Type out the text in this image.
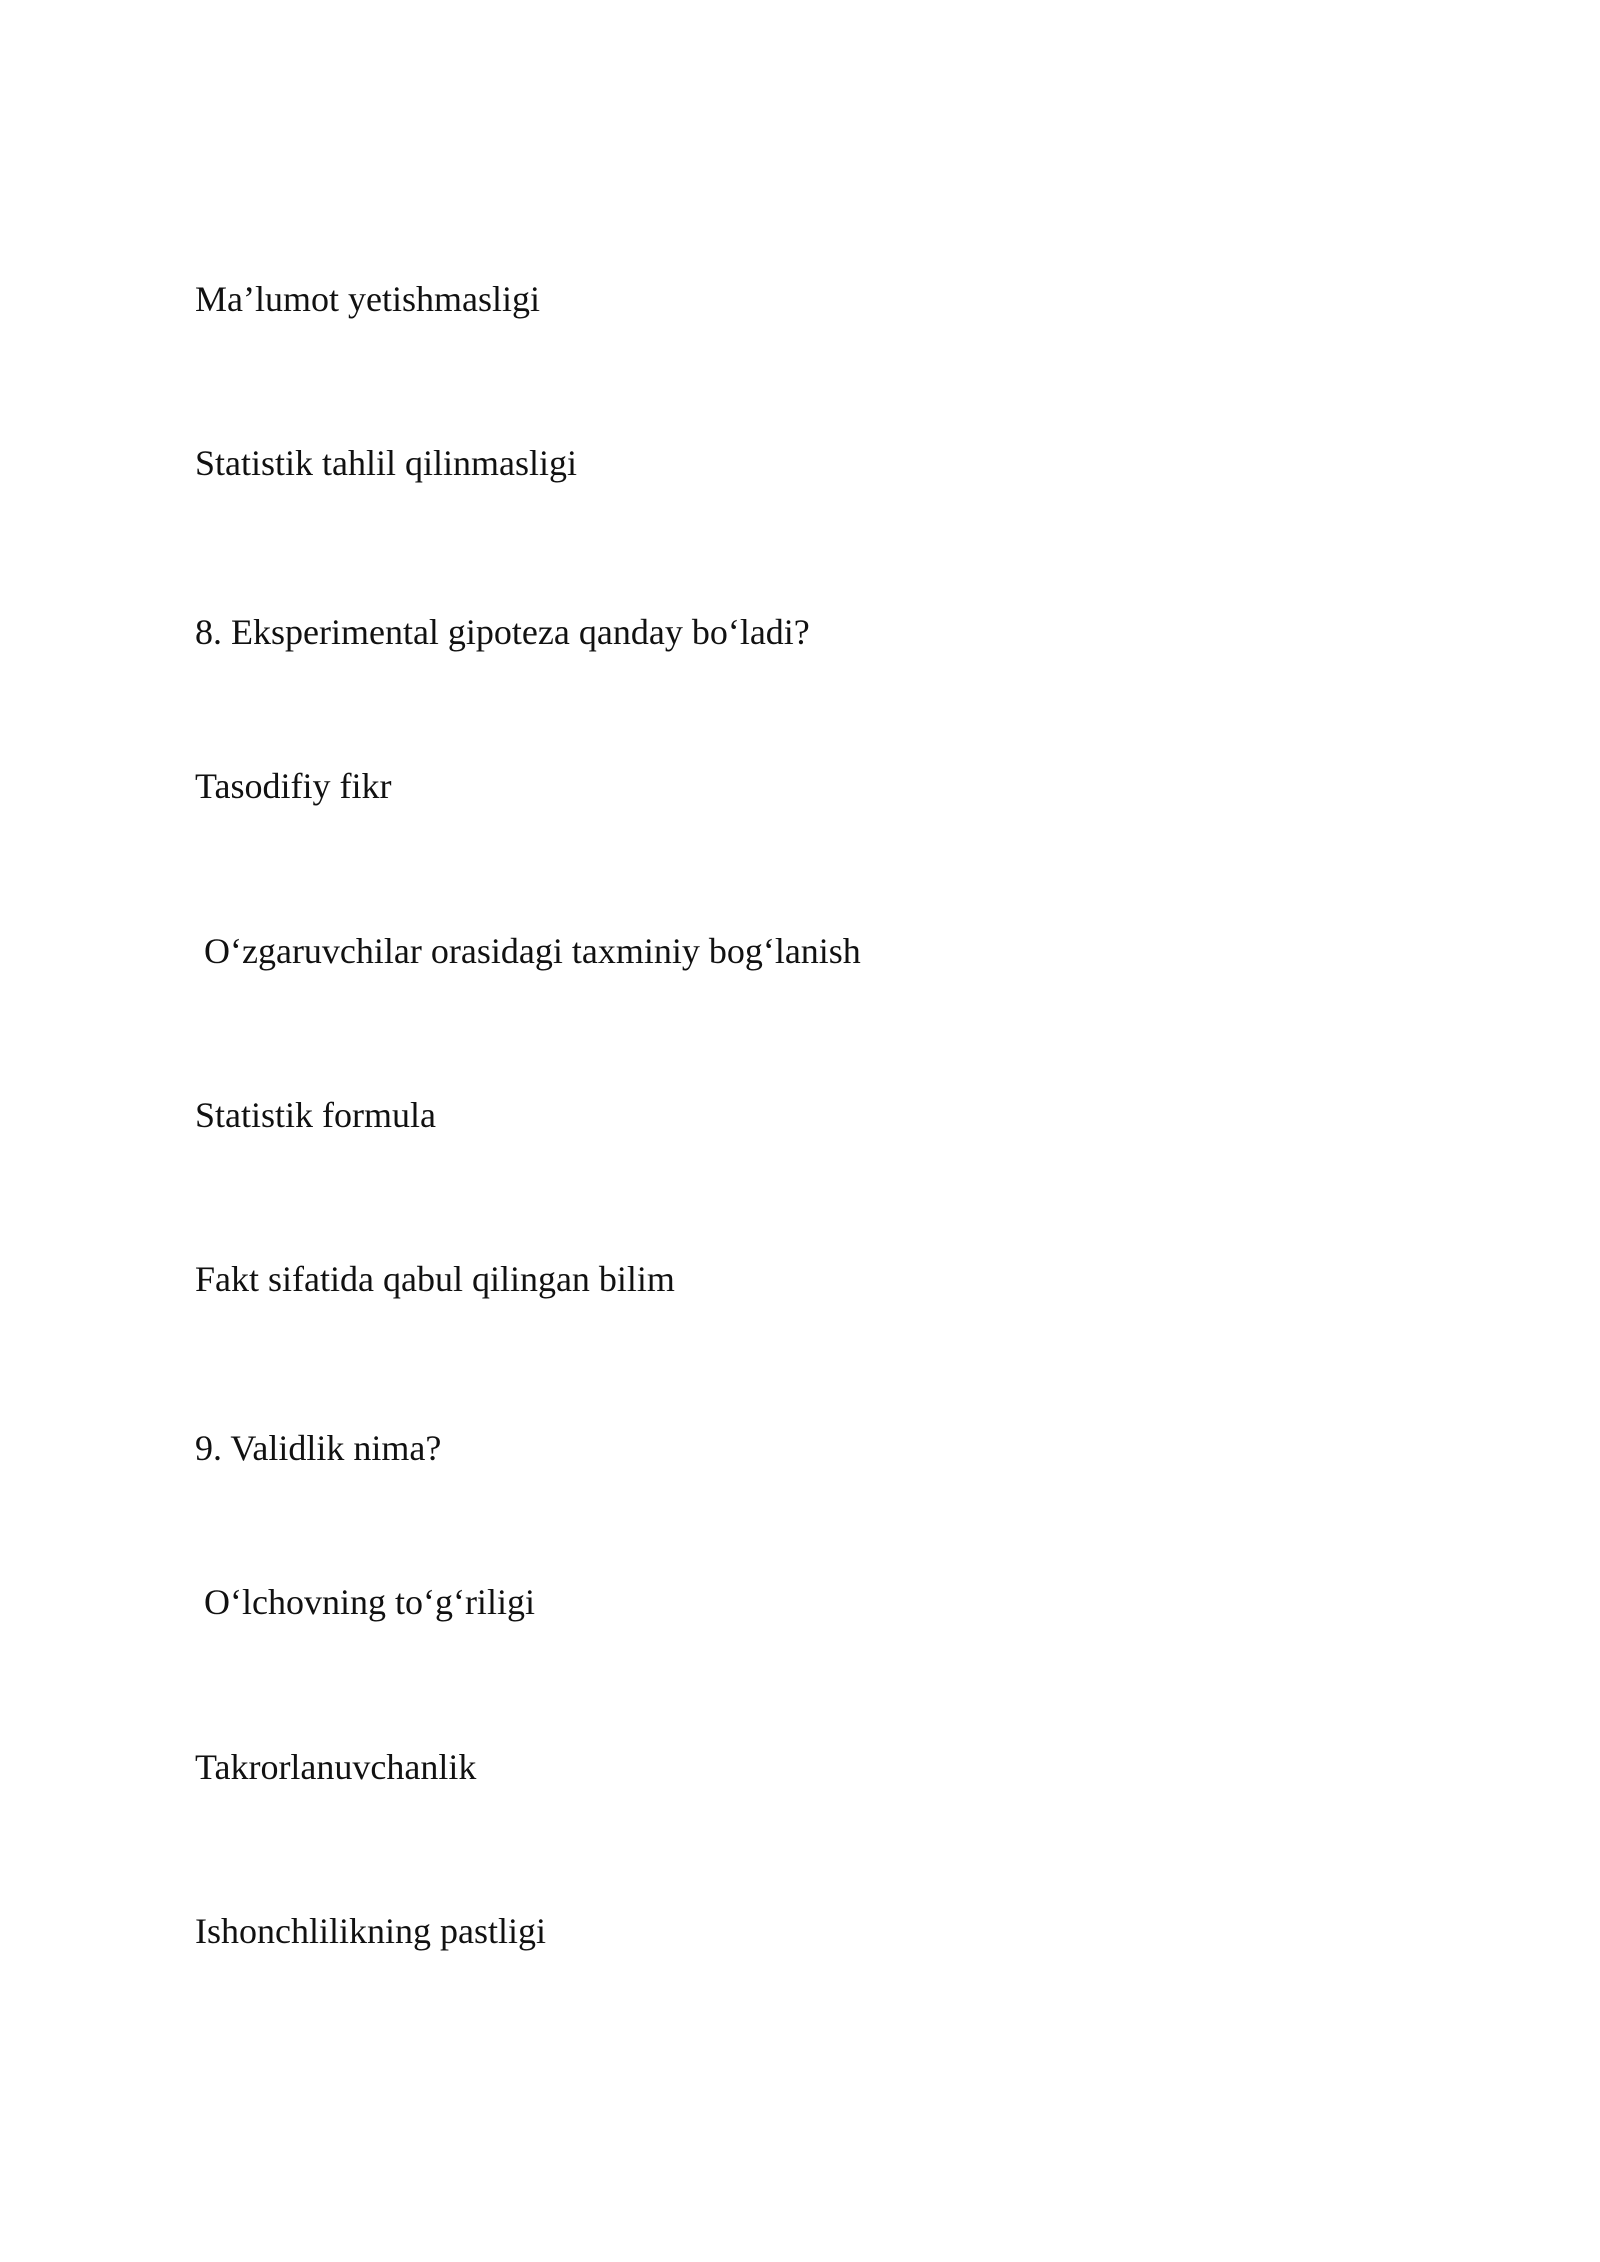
Ma’lumot yetishmasligi

Statistik tahlil qilinmasligi

8. Eksperimental gipoteza qanday bo‘ladi?

Tasodifiy fikr

O‘zgaruvchilar orasidagi taxminiy bog‘lanish

Statistik formula

Fakt sifatida qabul qilingan bilim

9. Validlik nima?

O‘lchovning to‘g‘riligi

Takrorlanuvchanlik

Ishonchlilikning pastligi
